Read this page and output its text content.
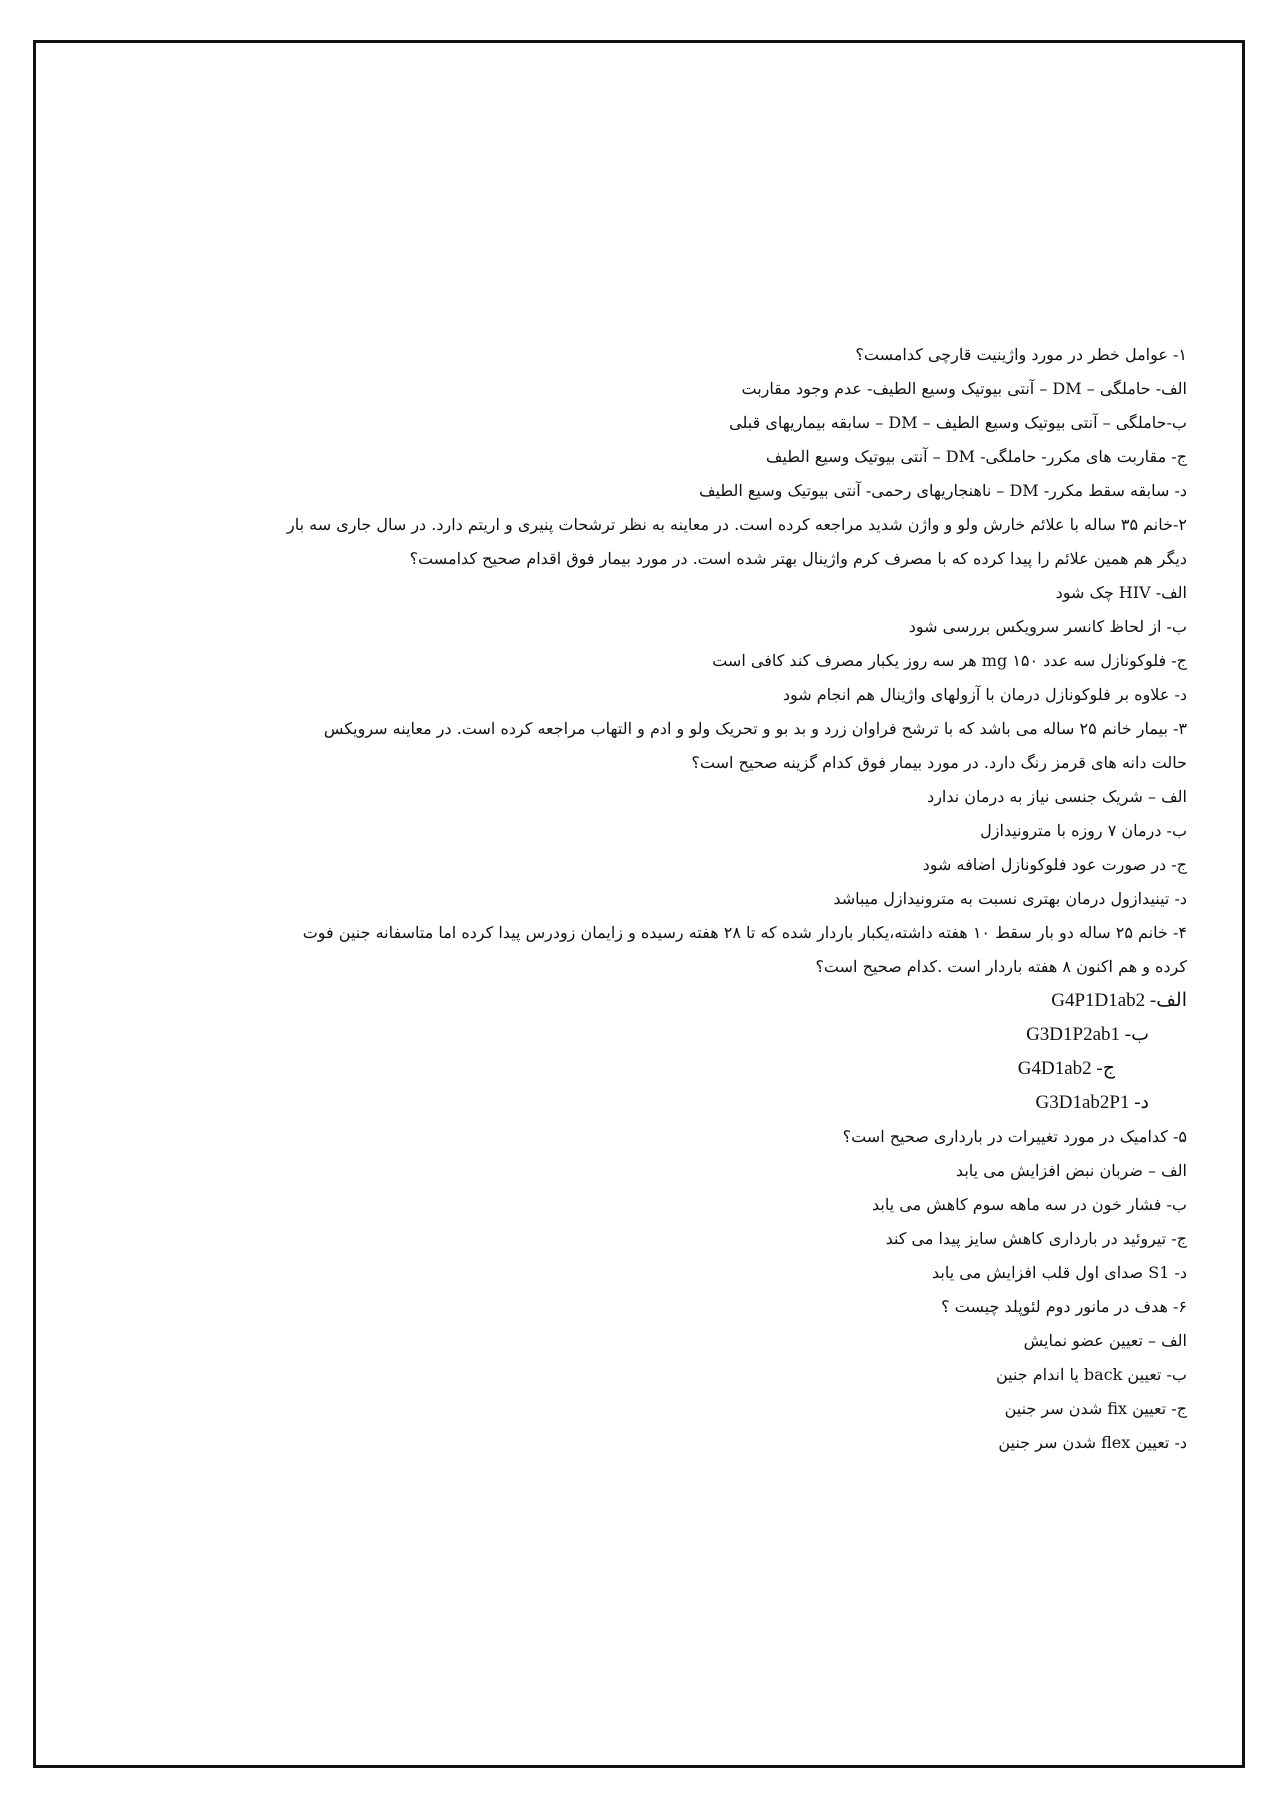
۱- عوامل خطر در مورد واژینیت قارچی کدامست؟
الف- حاملگی – DM – آنتی بیوتیک وسیع الطیف- عدم وجود مقاربت
ب-حاملگی – آنتی بیوتیک وسیع الطیف – DM – سابقه بیماریهای قبلی
ج- مقاربت های مکرر- حاملگی- DM – آنتی بیوتیک وسیع الطیف
د- سابقه سقط مکرر- DM – ناهنجاریهای رحمی- آنتی بیوتیک وسیع الطیف
۲-خانم ۳۵ ساله با علائم خارش ولو و واژن شدید مراجعه کرده است. در معاینه به نظر ترشحات پنیری و اریتم دارد. در سال جاری سه بار
دیگر هم همین علائم را پیدا کرده که با مصرف کرم واژینال بهتر شده است. در مورد بیمار فوق اقدام صحیح کدامست؟
الف- HIV چک شود
ب- از لحاظ کانسر سرویکس بررسی شود
ج- فلوکونازل سه عدد ۱۵۰ mg هر سه روز یکبار مصرف کند کافی است
د- علاوه بر فلوکونازل درمان با آزولهای واژینال هم انجام شود
۳- بیمار خانم ۲۵ ساله می باشد که با ترشح فراوان زرد و بد بو و تحریک ولو و ادم و التهاب مراجعه کرده است. در معاینه سرویکس
حالت دانه های قرمز رنگ دارد. در مورد بیمار فوق کدام گزینه صحیح است؟
الف – شریک جنسی نیاز به درمان ندارد
ب- درمان ۷ روزه با مترونیدازل
ج- در صورت عود فلوکونازل اضافه شود
د- تینیدازول درمان بهتری نسبت به مترونیدازل میباشد
۴- خانم ۲۵ ساله دو بار سقط ۱۰ هفته داشته،یکبار باردار شده که تا ۲۸ هفته رسیده و زایمان زودرس پیدا کرده اما متاسفانه جنین فوت
کرده و هم اکنون ۸ هفته باردار است .کدام صحیح است؟
الف- G4P1D1ab2
ب- G3D1P2ab1
ج- G4D1ab2
د- G3D1ab2P1
۵- کدامیک در مورد تغییرات در بارداری صحیح است؟
الف – ضربان نبض افزایش می یابد
ب- فشار خون در سه ماهه سوم کاهش می یابد
ج- تیروئید در بارداری کاهش سایز پیدا می کند
د- S1 صدای اول قلب افزایش می یابد
۶- هدف در مانور دوم لئوپلد چیست ؟
الف – تعیین عضو نمایش
ب- تعیین back یا اندام جنین
ج- تعیین fix شدن سر جنین
د- تعیین flex شدن سر جنین
